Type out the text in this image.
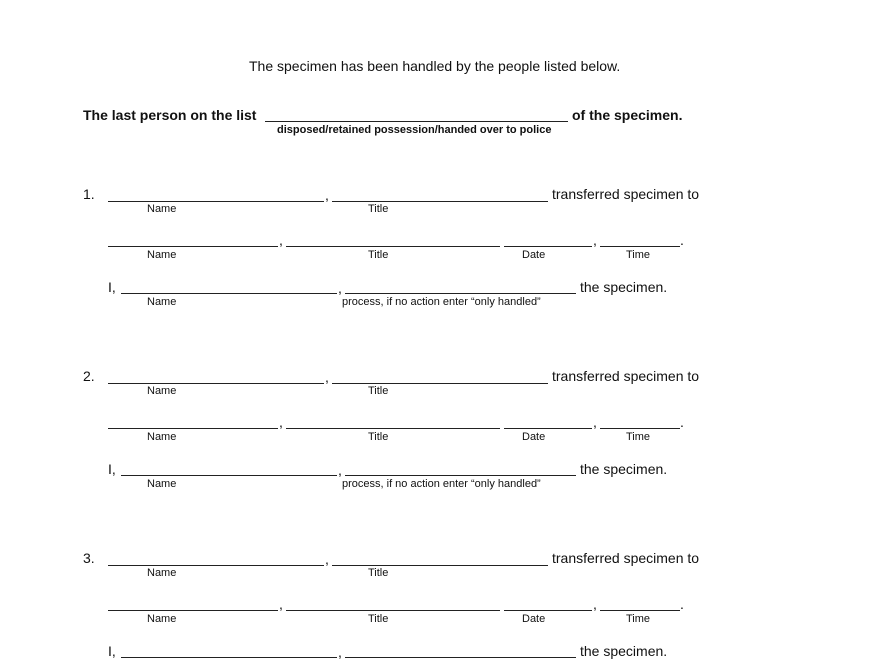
The specimen has been handled by the people listed below.
The last person on the list	of the specimen.
disposed/retained possession/handed over to police
1.	,	transferred specimen to
Name	Title
,	,	.
Name	Title	Date	Time
I,	,	the specimen.
Name	process, if no action enter “only handled”
2.	,	transferred specimen to
Name	Title
,	,	.
Name	Title	Date	Time
I,	,	the specimen.
Name	process, if no action enter “only handled”
3.	,	transferred specimen to
Name	Title
,	,	.
Name	Title	Date	Time
I,	,	the specimen.
